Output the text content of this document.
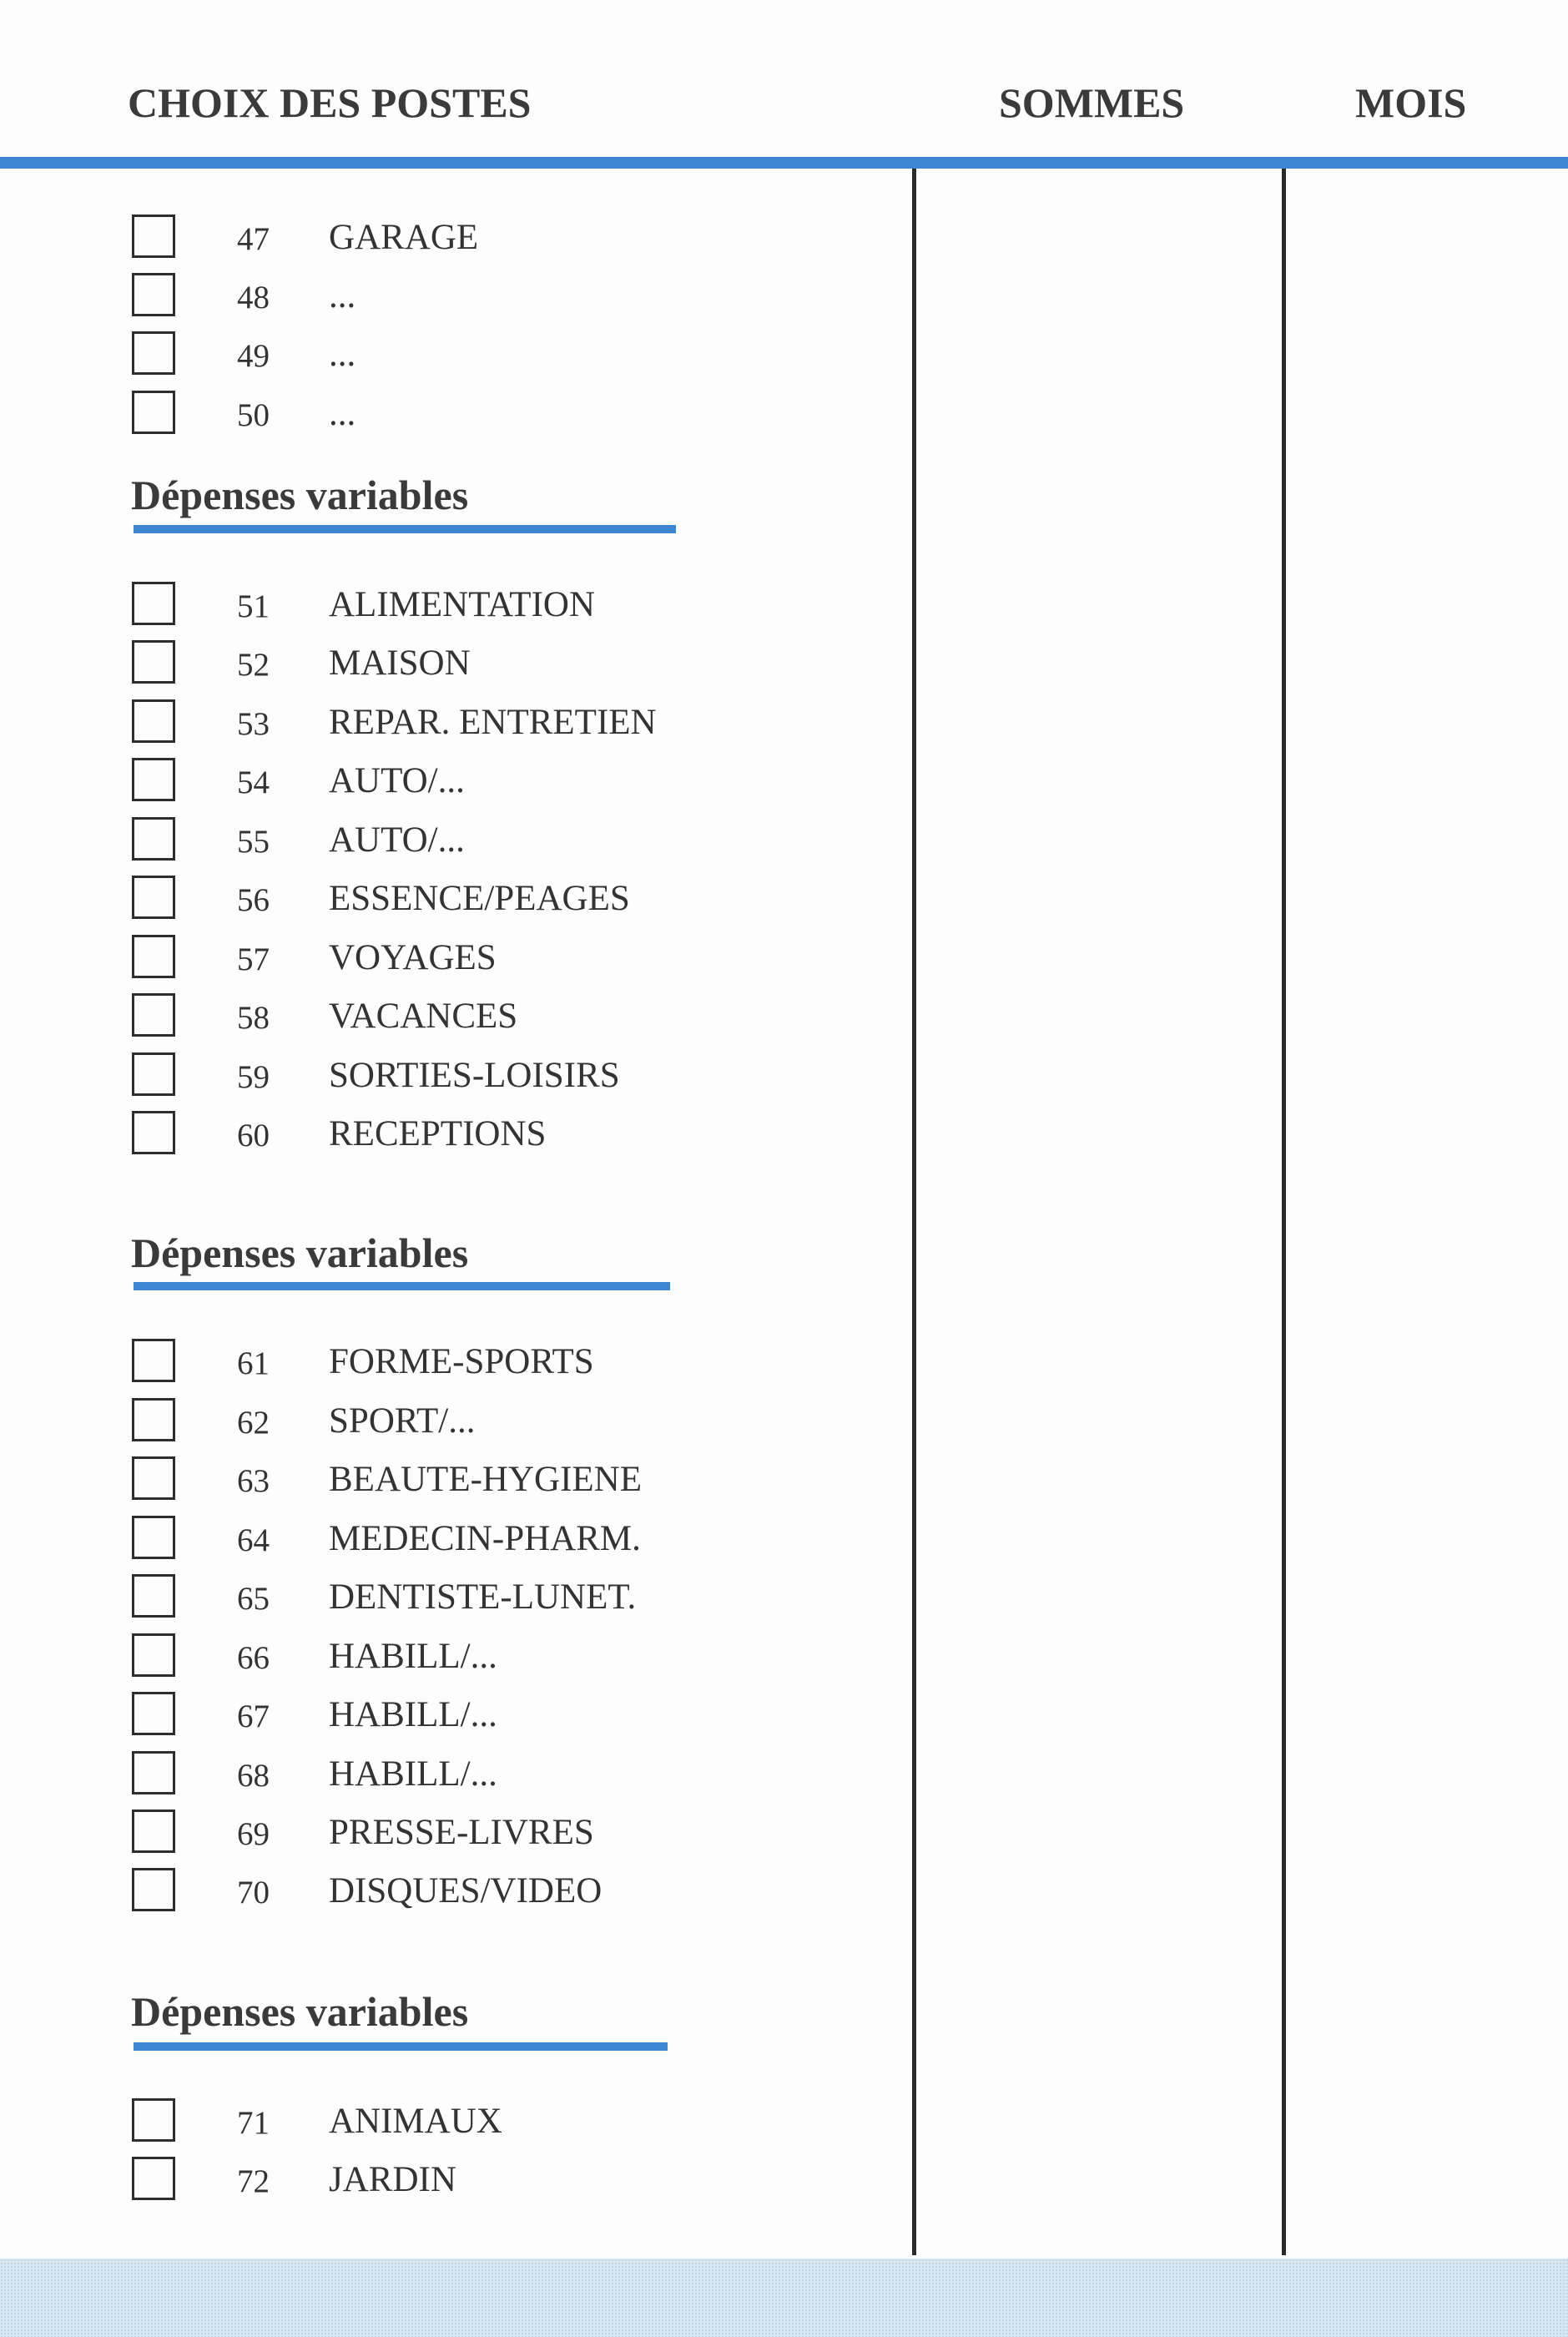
CHOIX DES POSTES	SOMMES	MOIS
47 GARAGE
48 ...
49 ...
50 ...
Dépenses variables
51 ALIMENTATION
52 MAISON
53 REPAR. ENTRETIEN
54 AUTO/...
55 AUTO/...
56 ESSENCE/PEAGES
57 VOYAGES
58 VACANCES
59 SORTIES-LOISIRS
60 RECEPTIONS
Dépenses variables
61 FORME-SPORTS
62 SPORT/...
63 BEAUTE-HYGIENE
64 MEDECIN-PHARM.
65 DENTISTE-LUNET.
66 HABILL/...
67 HABILL/...
68 HABILL/...
69 PRESSE-LIVRES
70 DISQUES/VIDEO
Dépenses variables
71 ANIMAUX
72 JARDIN
